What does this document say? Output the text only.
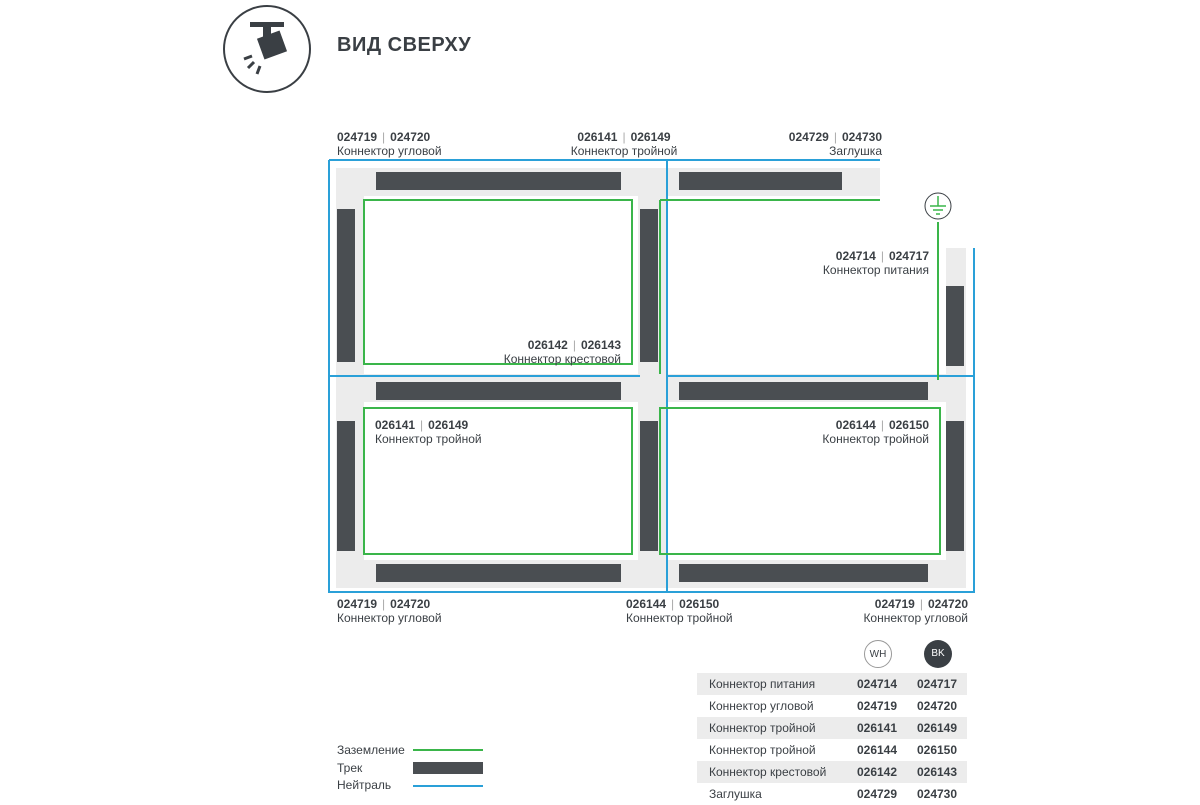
ВИД СВЕРХУ
024719 | 024720
Коннектор угловой
026141 | 026149
Коннектор тройной
024729 | 024730
Заглушка
024714 | 024717
Коннектор питания
026142 | 026143
Коннектор крестовой
026141 | 026149
Коннектор тройной
026144 | 026150
Коннектор тройной
024719 | 024720
Коннектор угловой
026144 | 026150
Коннектор тройной
024719 | 024720
Коннектор угловой
WH	BK
Коннектор питания	024714	024717
Коннектор угловой	024719	024720
Коннектор тройной	026141	026149
Коннектор тройной	026144	026150
Коннектор крестовой	026142	026143
Заглушка	024729	024730
Заземление
Трек
Нейтраль
